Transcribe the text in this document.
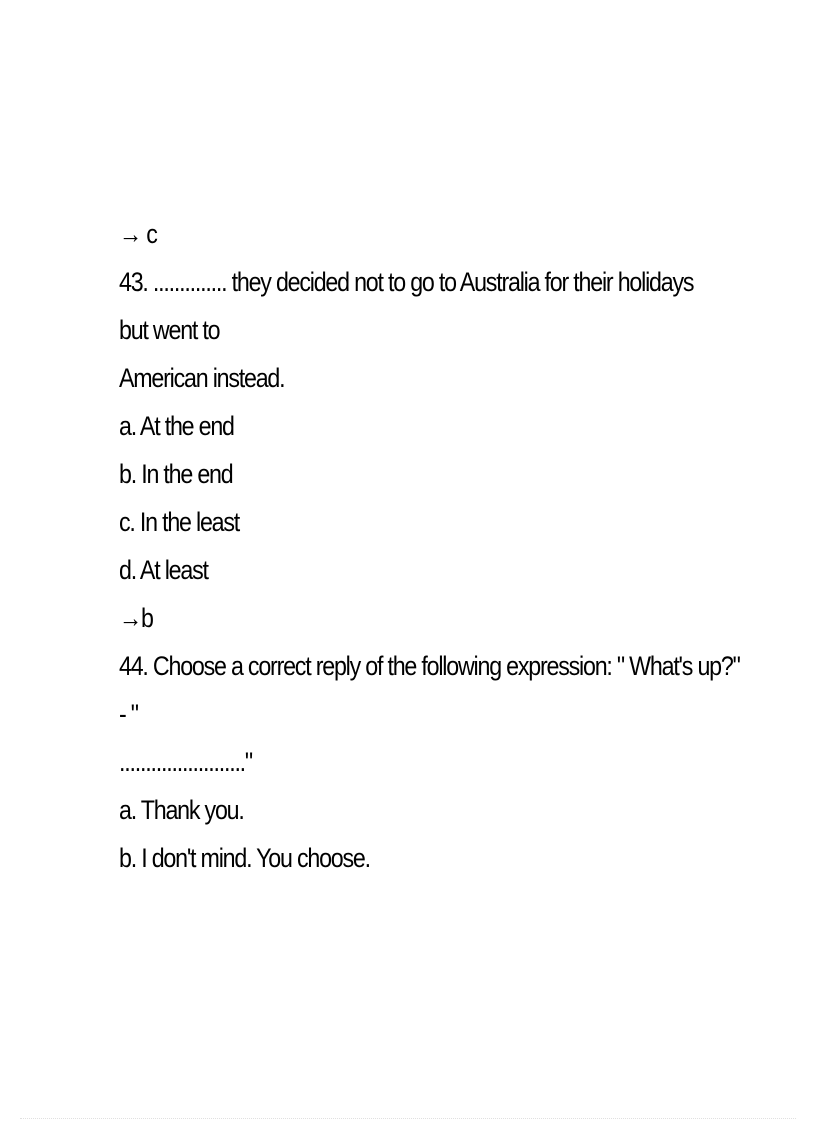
→ c
43. .............. they decided not to go to Australia for their holidays
but went to
American instead.
a. At the end
b. In the end
c. In the least
d. At least
→b
44. Choose a correct reply of the following expression: " What's up?"
- "
........................"
a. Thank you.
b. I don't mind. You choose.
